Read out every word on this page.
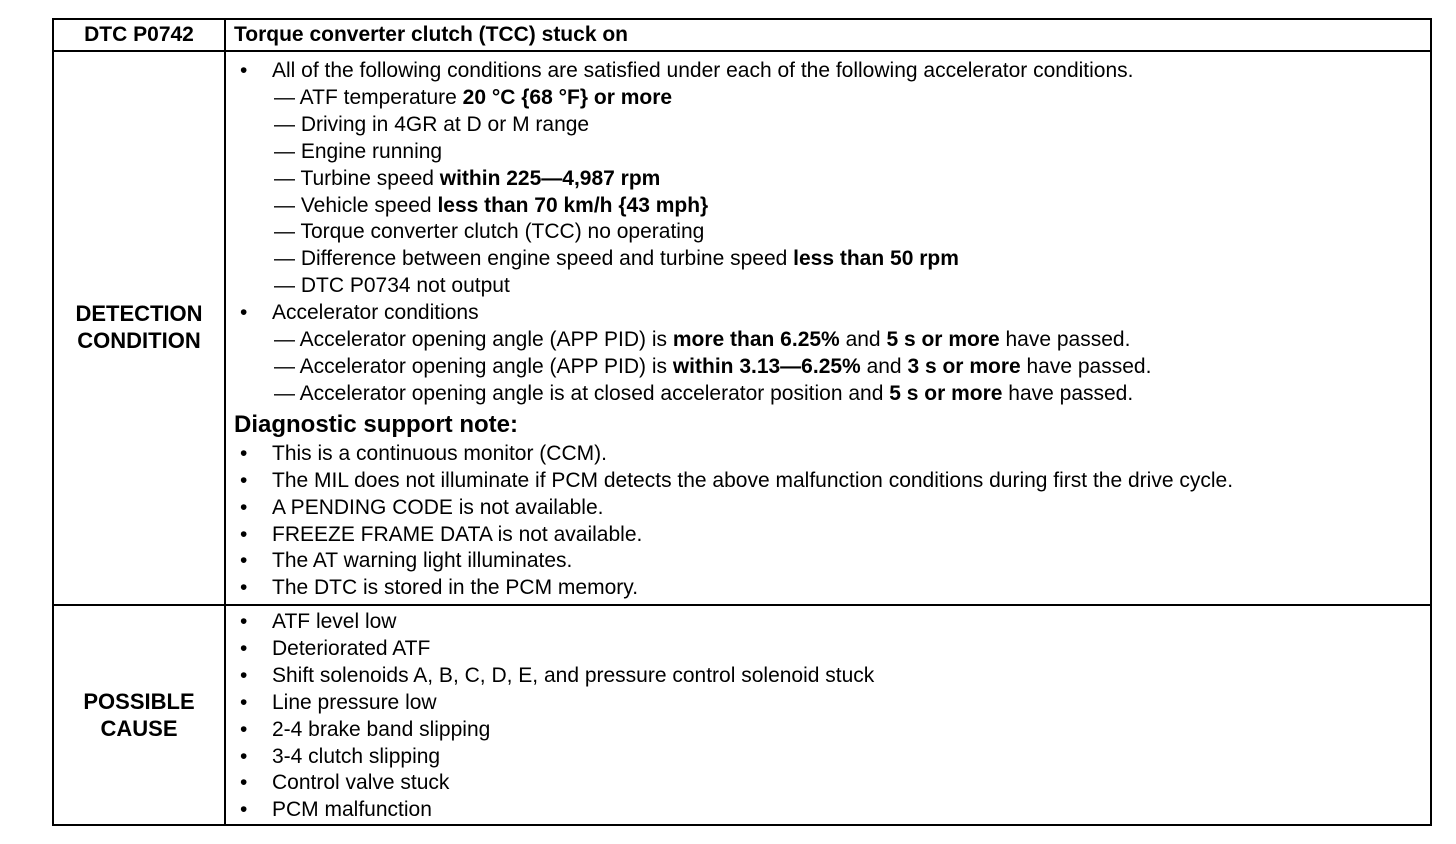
DTC P0742	Torque converter clutch (TCC) stuck on
DETECTION
CONDITION
• All of the following conditions are satisfied under each of the following accelerator conditions.
— ATF temperature 20 °C {68 °F} or more
— Driving in 4GR at D or M range
— Engine running
— Turbine speed within 225—4,987 rpm
— Vehicle speed less than 70 km/h {43 mph}
— Torque converter clutch (TCC) no operating
— Difference between engine speed and turbine speed less than 50 rpm
— DTC P0734 not output
• Accelerator conditions
— Accelerator opening angle (APP PID) is more than 6.25% and 5 s or more have passed.
— Accelerator opening angle (APP PID) is within 3.13—6.25% and 3 s or more have passed.
— Accelerator opening angle is at closed accelerator position and 5 s or more have passed.
Diagnostic support note:
• This is a continuous monitor (CCM).
• The MIL does not illuminate if PCM detects the above malfunction conditions during first the drive cycle.
• A PENDING CODE is not available.
• FREEZE FRAME DATA is not available.
• The AT warning light illuminates.
• The DTC is stored in the PCM memory.
POSSIBLE
CAUSE
• ATF level low
• Deteriorated ATF
• Shift solenoids A, B, C, D, E, and pressure control solenoid stuck
• Line pressure low
• 2-4 brake band slipping
• 3-4 clutch slipping
• Control valve stuck
• PCM malfunction
